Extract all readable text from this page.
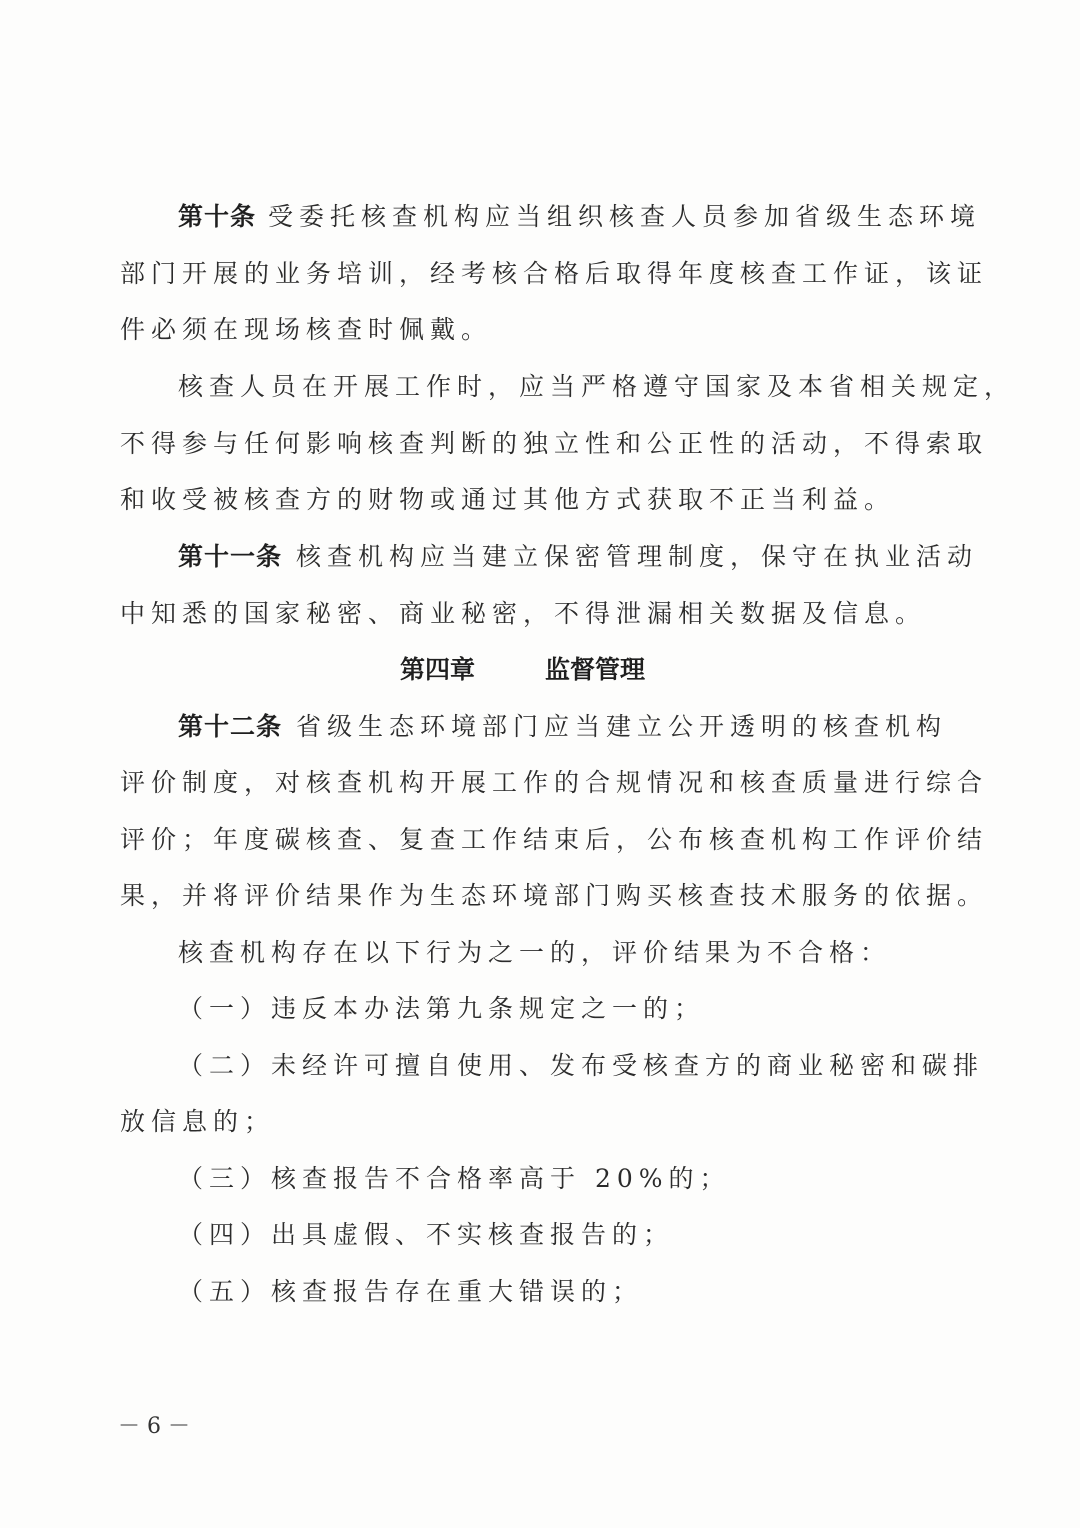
第十条 受委托核查机构应当组织核查人员参加省级生态环境
部门开展的业务培训，经考核合格后取得年度核查工作证，该证
件必须在现场核查时佩戴。
核查人员在开展工作时，应当严格遵守国家及本省相关规定，
不得参与任何影响核查判断的独立性和公正性的活动，不得索取
和收受被核查方的财物或通过其他方式获取不正当利益。
第十一条 核查机构应当建立保密管理制度，保守在执业活动
中知悉的国家秘密、商业秘密，不得泄漏相关数据及信息。
第四章	监督管理
第十二条 省级生态环境部门应当建立公开透明的核查机构
评价制度，对核查机构开展工作的合规情况和核查质量进行综合
评价；年度碳核查、复查工作结束后，公布核查机构工作评价结
果，并将评价结果作为生态环境部门购买核查技术服务的依据。
核查机构存在以下行为之一的，评价结果为不合格：
（一）违反本办法第九条规定之一的；
（二）未经许可擅自使用、发布受核查方的商业秘密和碳排
放信息的；
（三）核查报告不合格率高于 20%的；
（四）出具虚假、不实核查报告的；
（五）核查报告存在重大错误的；
－ 6 －
